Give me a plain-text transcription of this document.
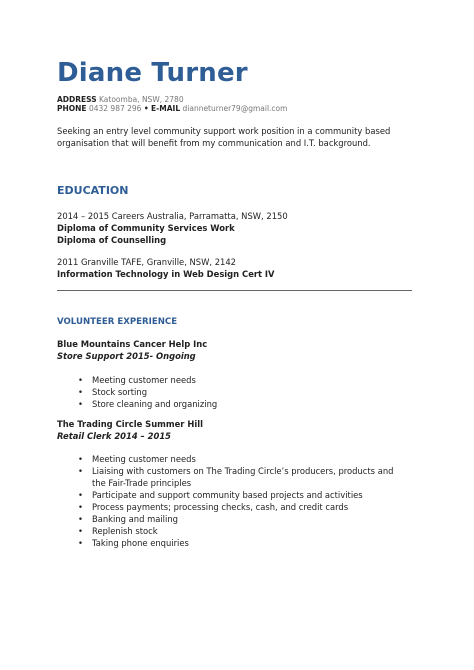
Diane Turner
ADDRESS Katoomba, NSW, 2780
PHONE 0432 987 296 • E-MAIL dianneturner79@gmail.com
Seeking an entry level community support work position in a community based organisation that will benefit from my communication and I.T. background.
EDUCATION
2014 – 2015 Careers Australia, Parramatta, NSW, 2150
Diploma of Community Services Work
Diploma of Counselling
2011 Granville TAFE, Granville, NSW, 2142
Information Technology in Web Design Cert IV
VOLUNTEER EXPERIENCE
Blue Mountains Cancer Help Inc
Store Support 2015- Ongoing
• Meeting customer needs
• Stock sorting
• Store cleaning and organizing
The Trading Circle Summer Hill
Retail Clerk 2014 – 2015
• Meeting customer needs
• Liaising with customers on The Trading Circle’s producers, products and the Fair-Trade principles
• Participate and support community based projects and activities
• Process payments; processing checks, cash, and credit cards
• Banking and mailing
• Replenish stock
• Taking phone enquiries
